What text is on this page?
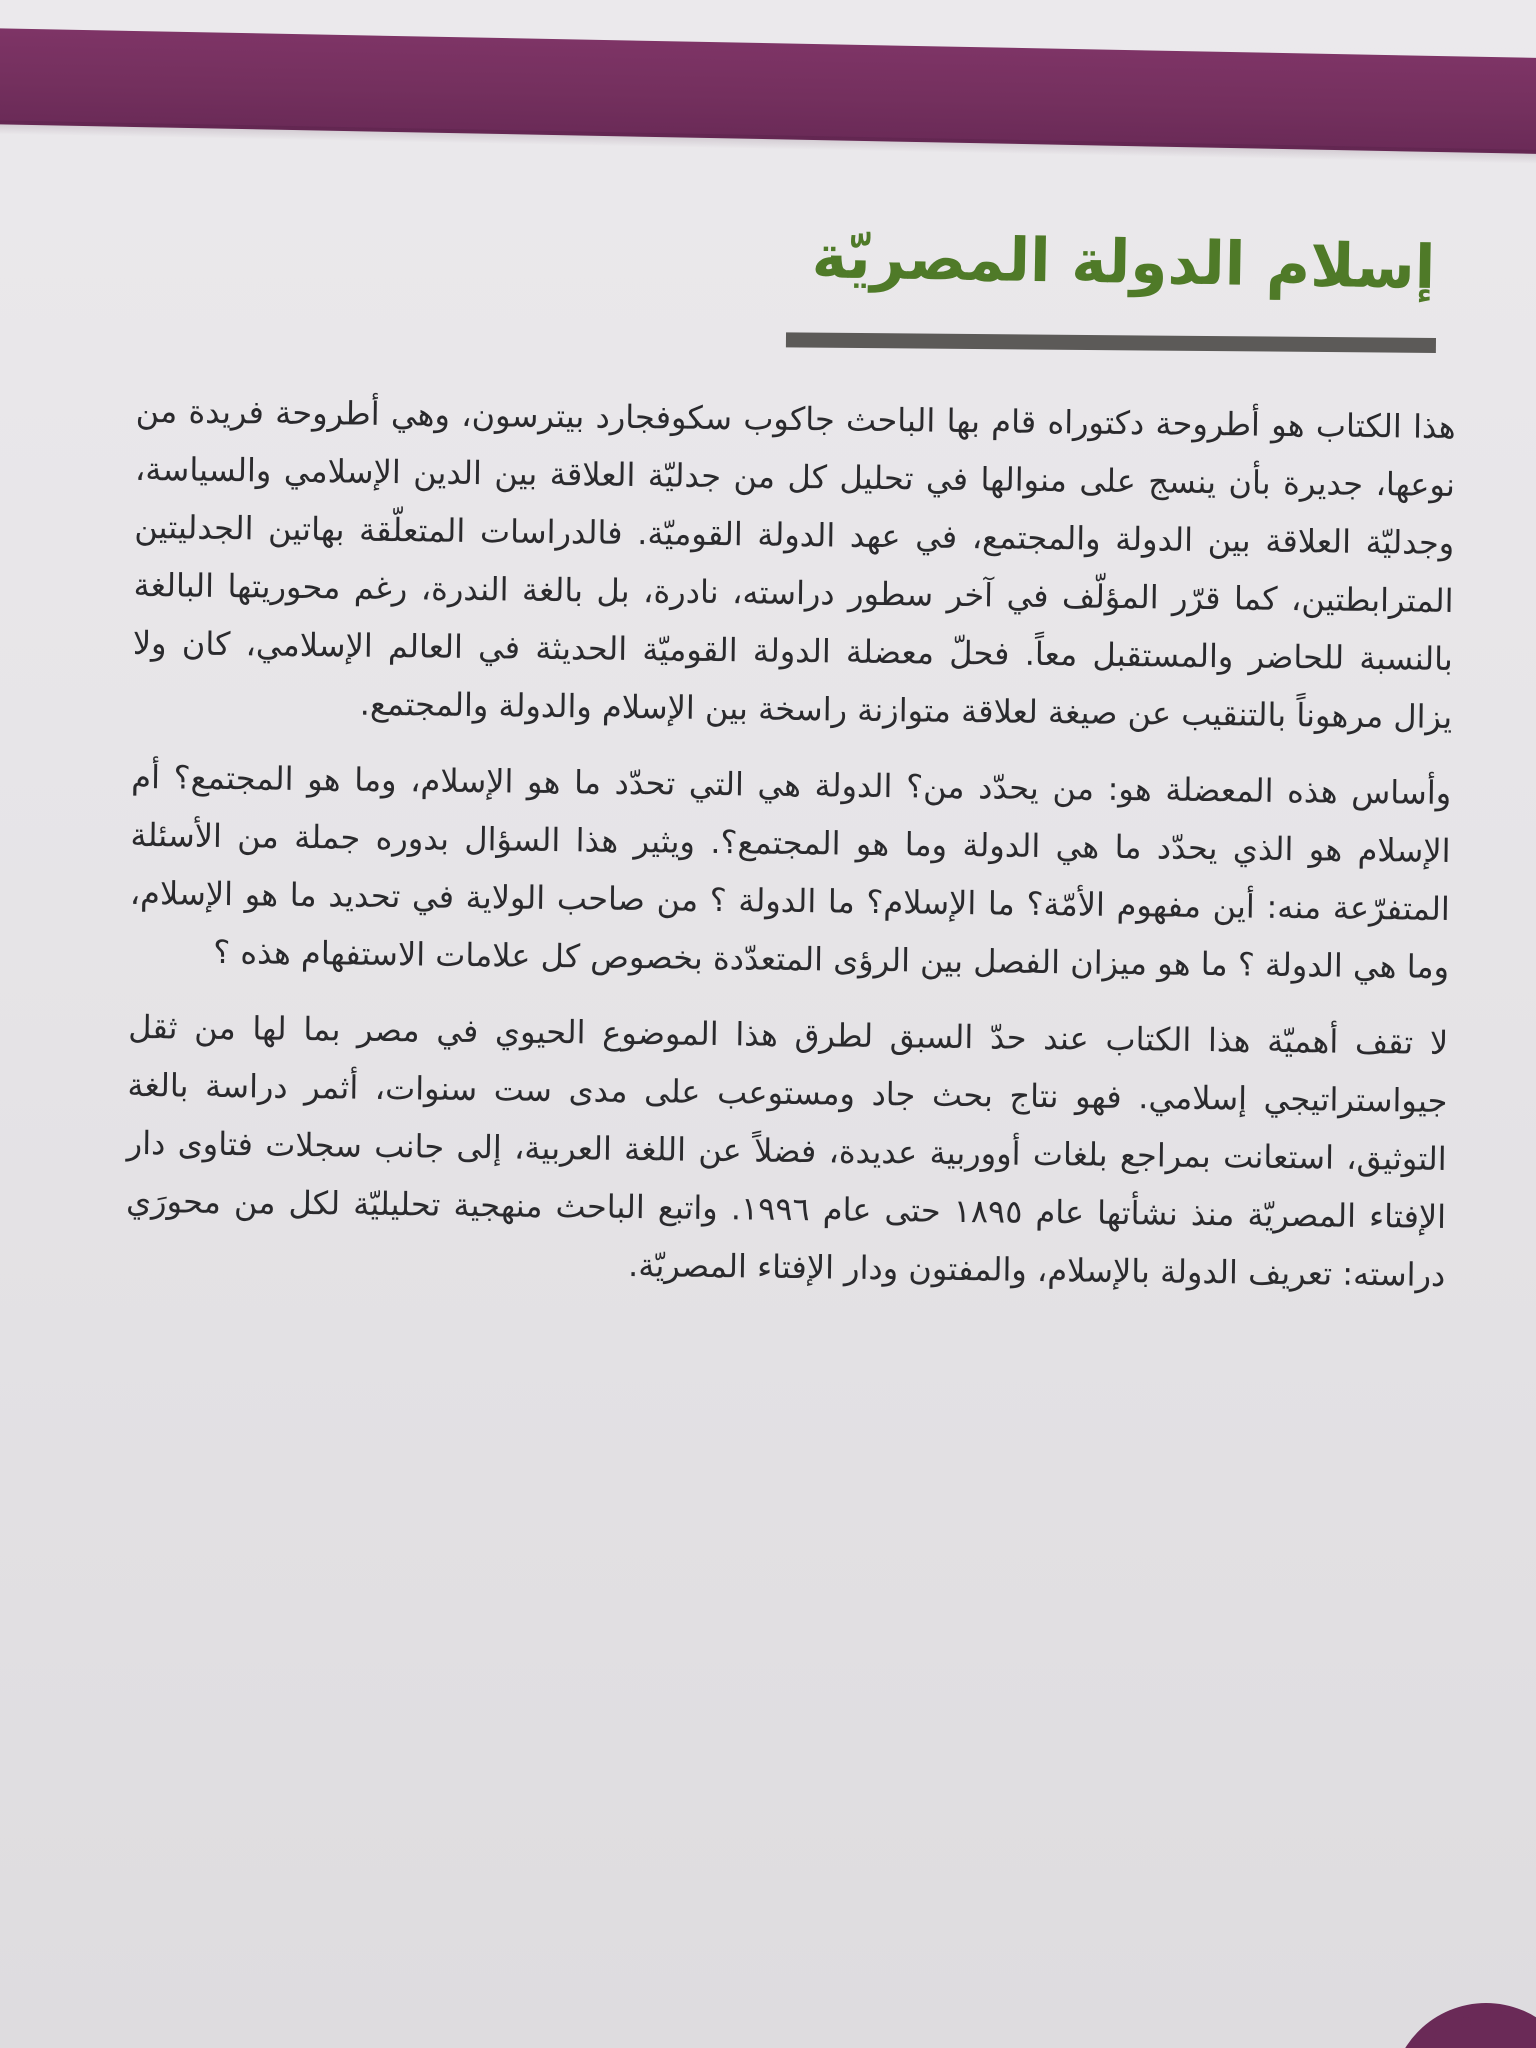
إسلام الدولة المصريّة

هذا الكتاب هو أطروحة دكتوراه قام بها الباحث جاكوب سكوفجارد بيترسون، وهي أطروحة فريدة من نوعها، جديرة بأن ينسج على منوالها في تحليل كل من جدليّة العلاقة بين الدين الإسلامي والسياسة، وجدليّة العلاقة بين الدولة والمجتمع، في عهد الدولة القوميّة. فالدراسات المتعلّقة بهاتين الجدليتين المترابطتين، كما قرّر المؤلّف في آخر سطور دراسته، نادرة، بل بالغة الندرة، رغم محوريتها البالغة بالنسبة للحاضر والمستقبل معاً. فحلّ معضلة الدولة القوميّة الحديثة في العالم الإسلامي، كان ولا يزال مرهوناً بالتنقيب عن صيغة لعلاقة متوازنة راسخة بين الإسلام والدولة والمجتمع.

وأساس هذه المعضلة هو: من يحدّد من؟ الدولة هي التي تحدّد ما هو الإسلام، وما هو المجتمع؟ أم الإسلام هو الذي يحدّد ما هي الدولة وما هو المجتمع؟. ويثير هذا السؤال بدوره جملة من الأسئلة المتفرّعة منه: أين مفهوم الأمّة؟ ما الإسلام؟ ما الدولة ؟ من صاحب الولاية في تحديد ما هو الإسلام، وما هي الدولة ؟ ما هو ميزان الفصل بين الرؤى المتعدّدة بخصوص كل علامات الاستفهام هذه ؟

لا تقف أهميّة هذا الكتاب عند حدّ السبق لطرق هذا الموضوع الحيوي في مصر بما لها من ثقل جيواستراتيجي إسلامي. فهو نتاج بحث جاد ومستوعب على مدى ست سنوات، أثمر دراسة بالغة التوثيق، استعانت بمراجع بلغات أووربية عديدة، فضلاً عن اللغة العربية، إلى جانب سجلات فتاوى دار الإفتاء المصريّة منذ نشأتها عام ١٨٩٥ حتى عام ١٩٩٦. واتبع الباحث منهجية تحليليّة لكل من محورَي دراسته: تعريف الدولة بالإسلام، والمفتون ودار الإفتاء المصريّة.
